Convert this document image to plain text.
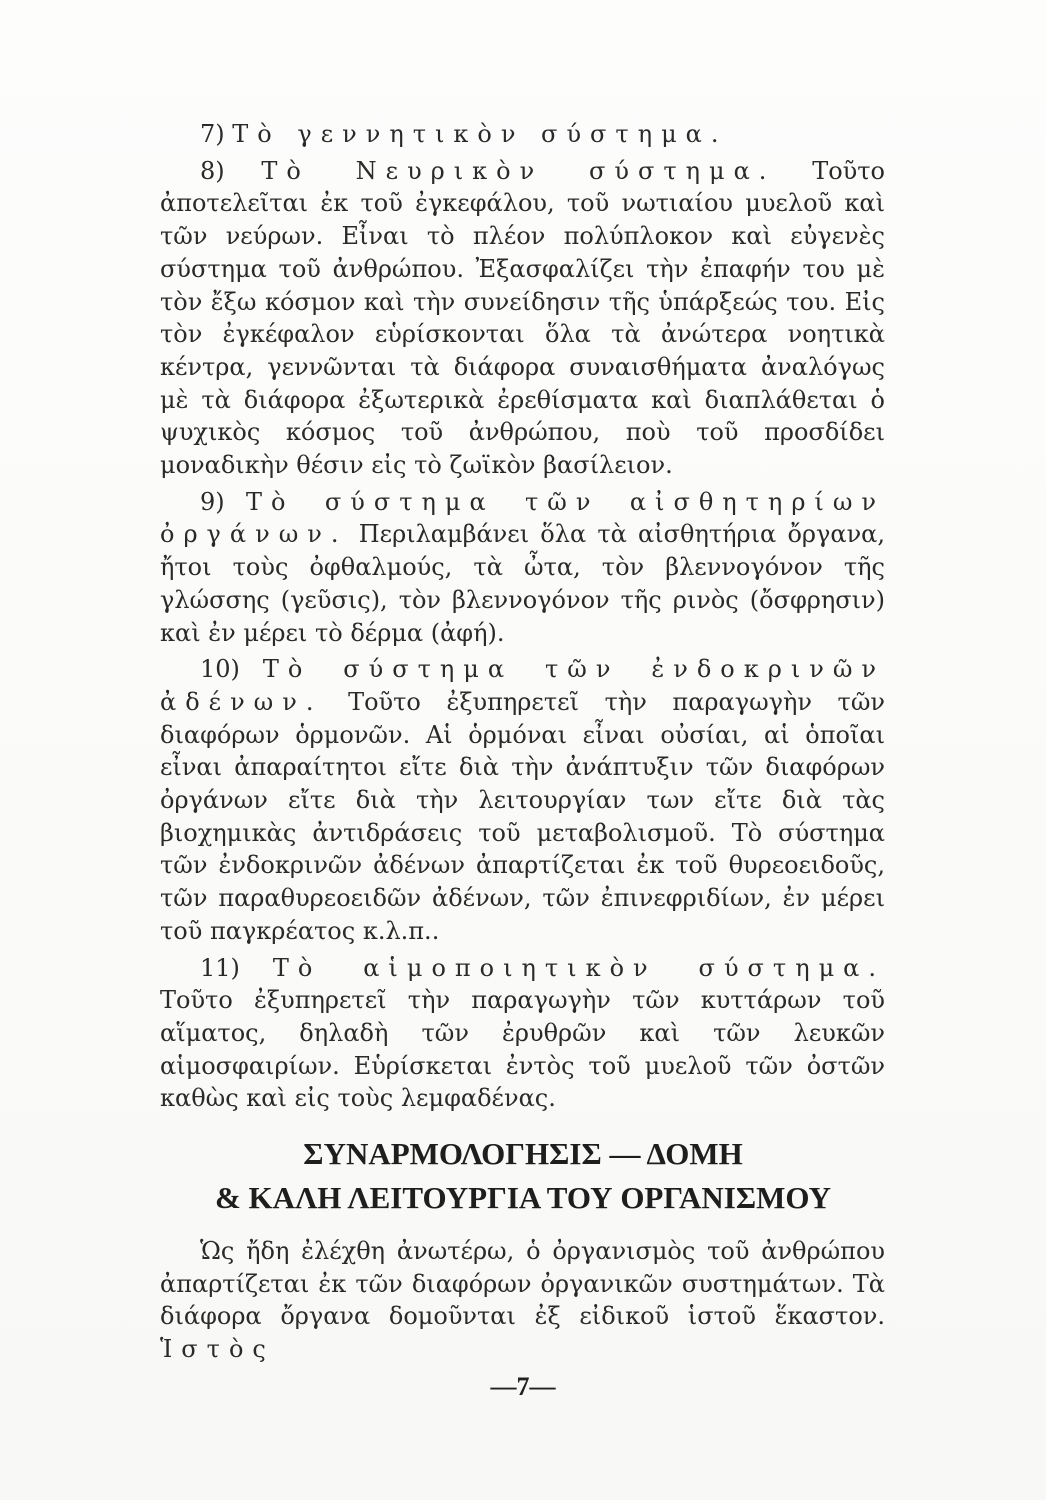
7) Τὸ γεννητικὸν σύστημα.

8) Τὸ Νευρικὸν σύστημα. Τοῦτο ἀποτελεῖται ἐκ τοῦ ἐγκεφάλου, τοῦ νωτιαίου μυελοῦ καὶ τῶν νεύρων. Εἶναι τὸ πλέον πολύπλοκον καὶ εὐγενὲς σύστημα τοῦ ἀνθρώπου. Ἐξασφαλίζει τὴν ἐπαφήν του μὲ τὸν ἔξω κόσμον καὶ τὴν συνείδησιν τῆς ὑπάρξεώς του. Εἰς τὸν ἐγκέφαλον εὑρίσκονται ὅλα τὰ ἀνώτερα νοητικὰ κέντρα, γεννῶνται τὰ διάφορα συναισθήματα ἀναλόγως μὲ τὰ διάφορα ἐξωτερικὰ ἐρεθίσματα καὶ διαπλάθεται ὁ ψυχικὸς κόσμος τοῦ ἀνθρώπου, ποὺ τοῦ προσδίδει μοναδικὴν θέσιν εἰς τὸ ζωϊκὸν βασίλειον.

9) Τὸ σύστημα τῶν αἰσθητηρίων ὀργάνων. Περιλαμβάνει ὅλα τὰ αἰσθητήρια ὄργανα, ἤτοι τοὺς ὀφθαλμούς, τὰ ὦτα, τὸν βλεννογόνον τῆς γλώσσης (γεῦσις), τὸν βλεννογόνον τῆς ρινὸς (ὄσφρησιν) καὶ ἐν μέρει τὸ δέρμα (ἀφή).

10) Τὸ σύστημα τῶν ἐνδοκρινῶν ἀδένων. Τοῦτο ἐξυπηρετεῖ τὴν παραγωγὴν τῶν διαφόρων ὁρμονῶν. Αἱ ὁρμόναι εἶναι οὐσίαι, αἱ ὁποῖαι εἶναι ἀπαραίτητοι εἴτε διὰ τὴν ἀνάπτυξιν τῶν διαφόρων ὀργάνων εἴτε διὰ τὴν λειτουργίαν των εἴτε διὰ τὰς βιοχημικὰς ἀντιδράσεις τοῦ μεταβολισμοῦ. Τὸ σύστημα τῶν ἐνδοκρινῶν ἀδένων ἀπαρτίζεται ἐκ τοῦ θυρεοειδοῦς, τῶν παραθυρεοειδῶν ἀδένων, τῶν ἐπινεφριδίων, ἐν μέρει τοῦ παγκρέατος κ.λ.π..

11) Τὸ αἱμοποιητικὸν σύστημα. Τοῦτο ἐξυπηρετεῖ τὴν παραγωγὴν τῶν κυττάρων τοῦ αἵματος, δηλαδὴ τῶν ἐρυθρῶν καὶ τῶν λευκῶν αἱμοσφαιρίων. Εὑρίσκεται ἐντὸς τοῦ μυελοῦ τῶν ὀστῶν καθὼς καὶ εἰς τοὺς λεμφαδένας.

ΣΥΝΑΡΜΟΛΟΓΗΣΙΣ — ΔΟΜΗ
& ΚΑΛΗ ΛΕΙΤΟΥΡΓΙΑ ΤΟΥ ΟΡΓΑΝΙΣΜΟΥ

Ὡς ἤδη ἐλέχθη ἀνωτέρω, ὁ ὀργανισμὸς τοῦ ἀνθρώπου ἀπαρτίζεται ἐκ τῶν διαφόρων ὀργανικῶν συστημάτων. Τὰ διάφορα ὄργανα δομοῦνται ἐξ εἰδικοῦ ἱστοῦ ἕκαστον. Ἱστὸς

—7—
